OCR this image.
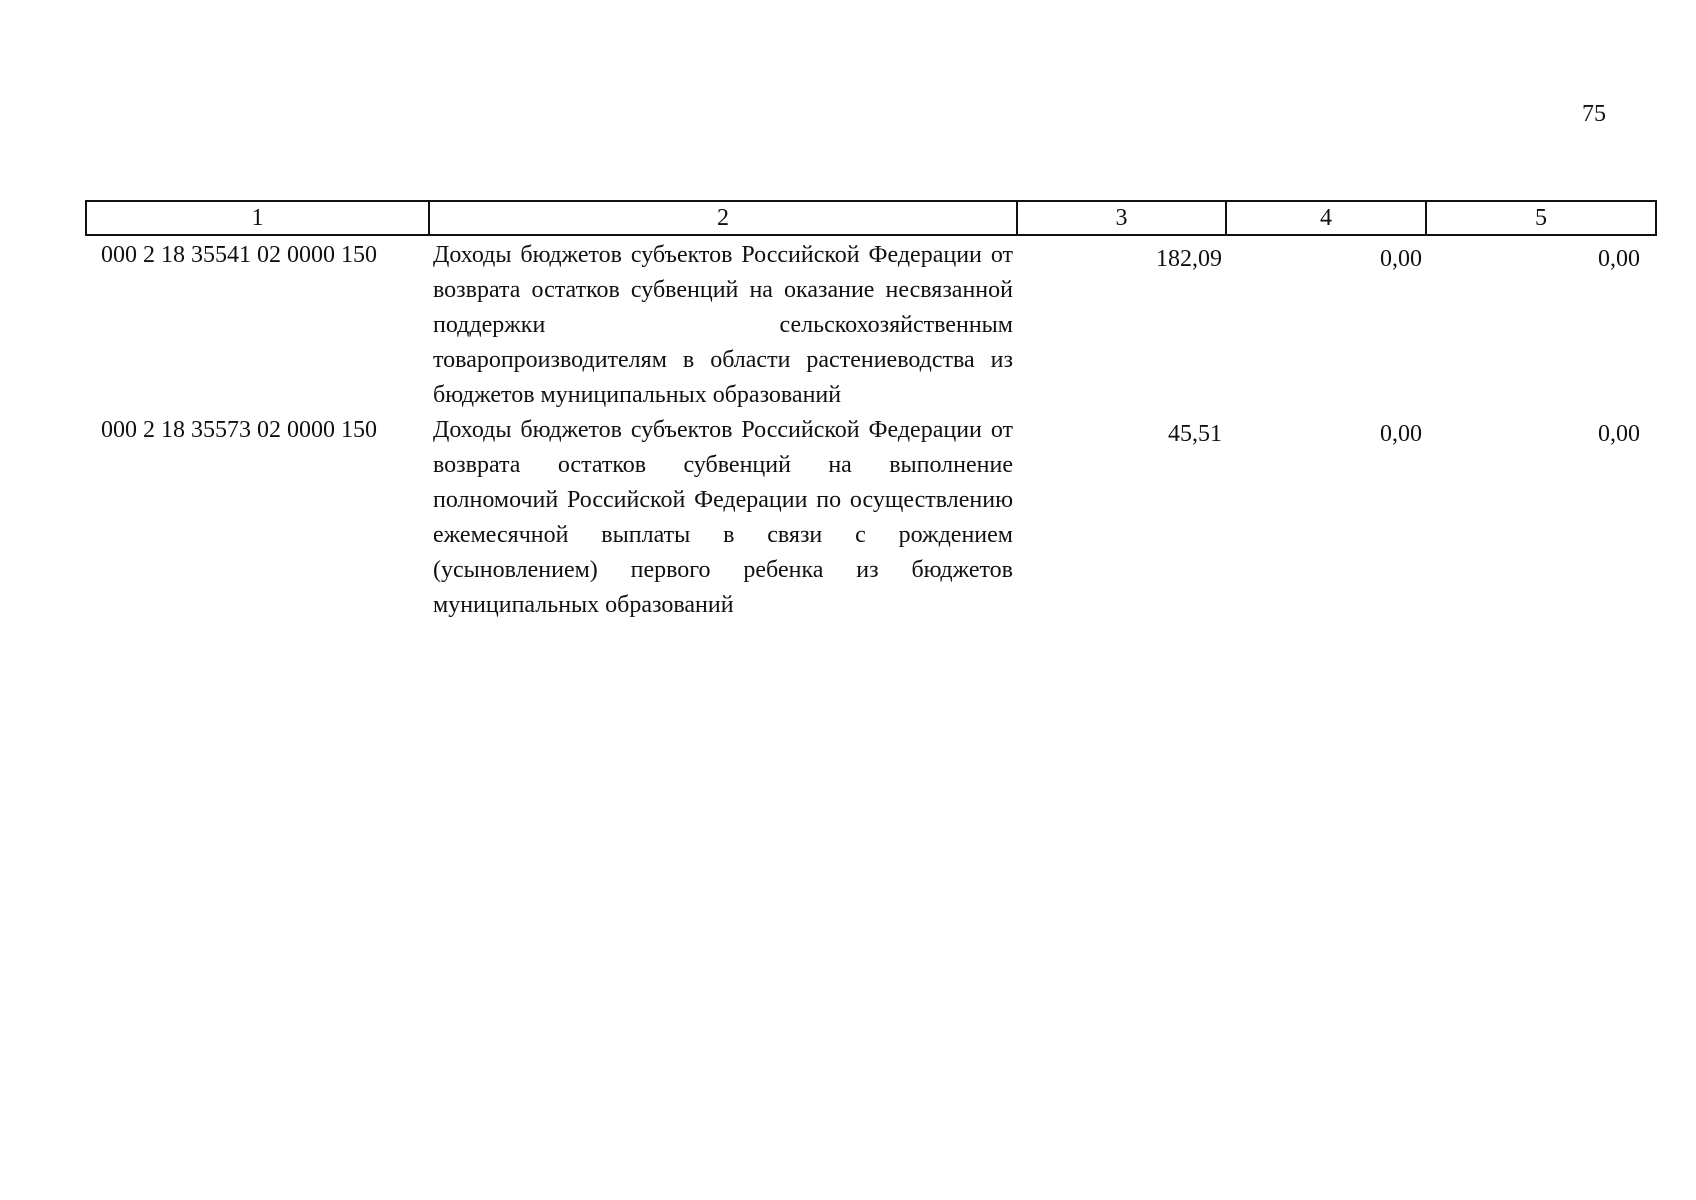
75
1	2	3	4	5
000 2 18 35541 02 0000 150	Доходы бюджетов субъектов Российской Федерации от возврата остатков субвенций на оказание несвязанной поддержки сельскохозяйственным товаропроизводителям в области растениеводства из бюджетов муниципальных образований	182,09	0,00	0,00
000 2 18 35573 02 0000 150	Доходы бюджетов субъектов Российской Федерации от возврата остатков субвенций на выполнение полномочий Российской Федерации по осуществлению ежемесячной выплаты в связи с рождением (усыновлением) первого ребенка из бюджетов муниципальных образований	45,51	0,00	0,00
